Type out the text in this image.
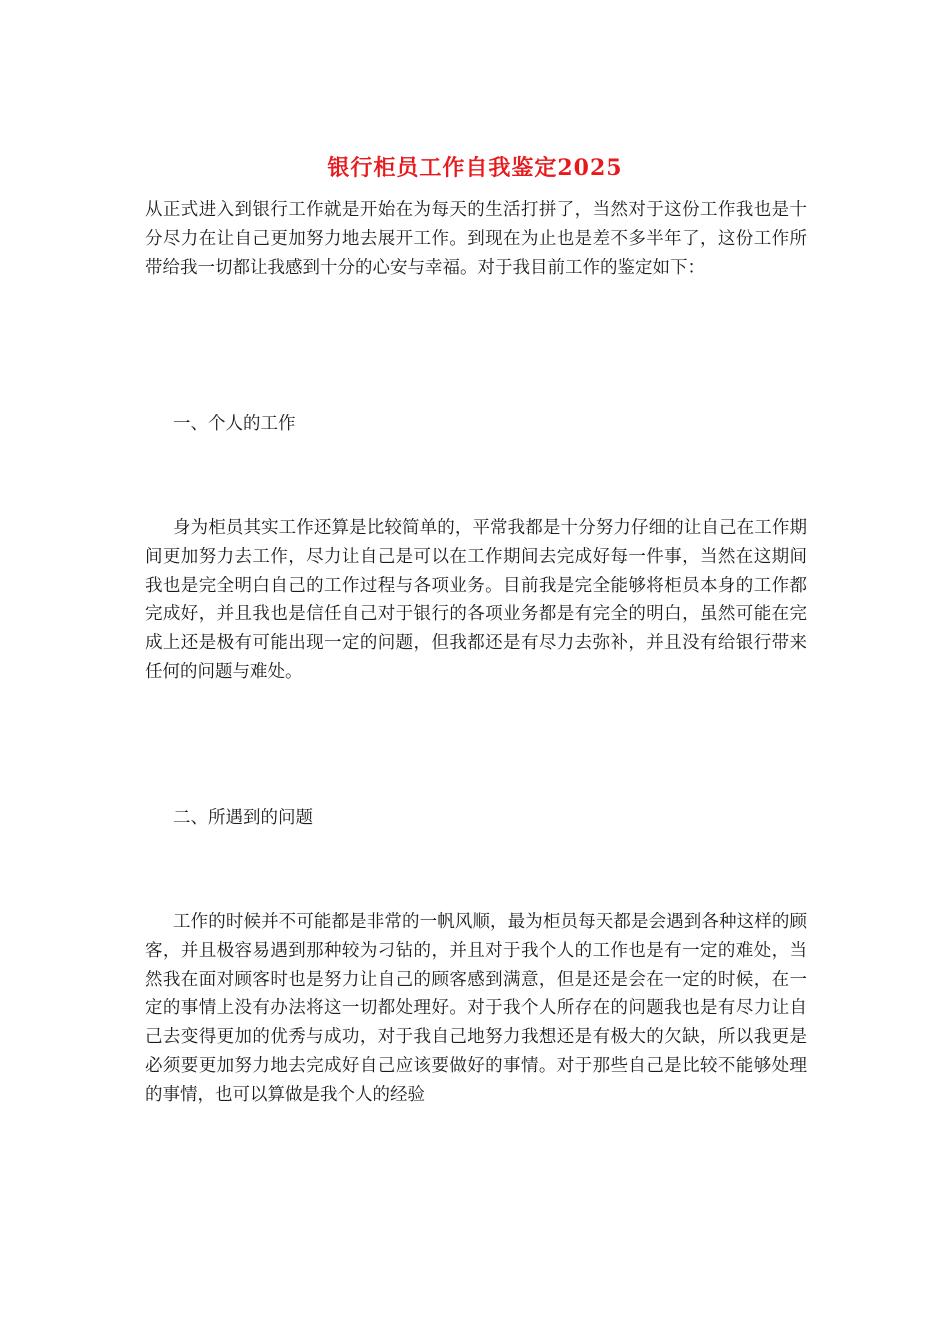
银行柜员工作自我鉴定2025

从正式进入到银行工作就是开始在为每天的生活打拼了，当然对于这份工作我也是十分尽力在让自己更加努力地去展开工作。到现在为止也是差不多半年了，这份工作所带给我一切都让我感到十分的心安与幸福。对于我目前工作的鉴定如下：

一、个人的工作

身为柜员其实工作还算是比较简单的，平常我都是十分努力仔细的让自己在工作期间更加努力去工作，尽力让自己是可以在工作期间去完成好每一件事，当然在这期间我也是完全明白自己的工作过程与各项业务。目前我是完全能够将柜员本身的工作都完成好，并且我也是信任自己对于银行的各项业务都是有完全的明白，虽然可能在完成上还是极有可能出现一定的问题，但我都还是有尽力去弥补，并且没有给银行带来任何的问题与难处。

二、所遇到的问题

工作的时候并不可能都是非常的一帆风顺，最为柜员每天都是会遇到各种这样的顾客，并且极容易遇到那种较为刁钻的，并且对于我个人的工作也是有一定的难处，当然我在面对顾客时也是努力让自己的顾客感到满意，但是还是会在一定的时候，在一定的事情上没有办法将这一切都处理好。对于我个人所存在的问题我也是有尽力让自己去变得更加的优秀与成功，对于我自己地努力我想还是有极大的欠缺，所以我更是必须要更加努力地去完成好自己应该要做好的事情。对于那些自己是比较不能够处理的事情，也可以算做是我个人的经验
